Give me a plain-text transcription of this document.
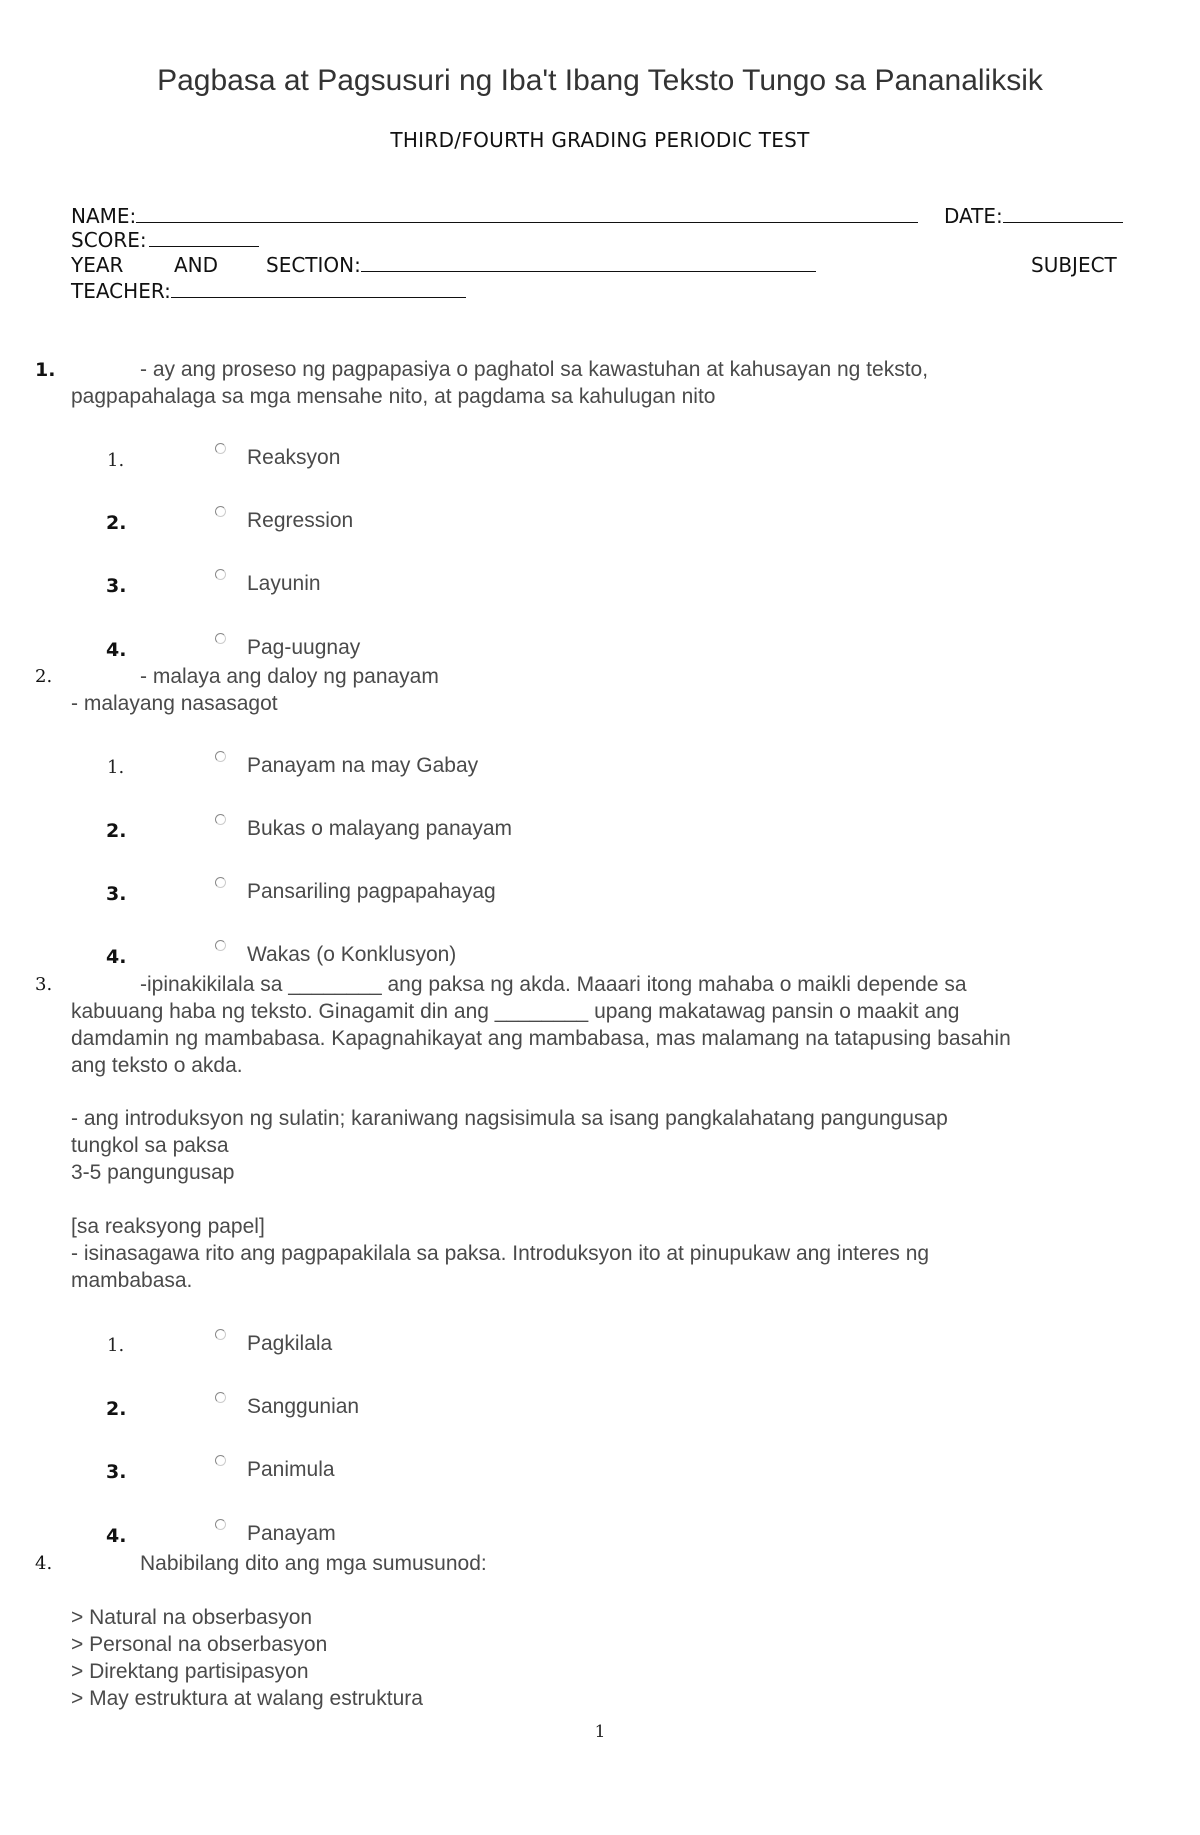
Pagbasa at Pagsusuri ng Iba't Ibang Teksto Tungo sa Pananaliksik
THIRD/FOURTH GRADING PERIODIC TEST
NAME:	DATE:
SCORE:
YEAR	AND SECTION:	SUBJECT
TEACHER:
1.	- ay ang proseso ng pagpapasiya o paghatol sa kawastuhan at kahusayan ng teksto,
pagpapahalaga sa mga mensahe nito, at pagdama sa kahulugan nito
1.	Reaksyon
2.	Regression
3.	Layunin
4.	Pag-uugnay
2.	- malaya ang daloy ng panayam
- malayang nasasagot
1.	Panayam na may Gabay
2.	Bukas o malayang panayam
3.	Pansariling pagpapahayag
4.	Wakas (o Konklusyon)
3.	-ipinakikilala sa ________ ang paksa ng akda. Maaari itong mahaba o maikli depende sa
kabuuang haba ng teksto. Ginagamit din ang ________ upang makatawag pansin o maakit ang
damdamin ng mambabasa. Kapagnahikayat ang mambabasa, mas malamang na tatapusing basahin
ang teksto o akda.
- ang introduksyon ng sulatin; karaniwang nagsisimula sa isang pangkalahatang pangungusap
tungkol sa paksa
3-5 pangungusap
[sa reaksyong papel]
- isinasagawa rito ang pagpapakilala sa paksa. Introduksyon ito at pinupukaw ang interes ng
mambabasa.
1.	Pagkilala
2.	Sanggunian
3.	Panimula
4.	Panayam
4.	Nabibilang dito ang mga sumusunod:
> Natural na obserbasyon
> Personal na obserbasyon
> Direktang partisipasyon
> May estruktura at walang estruktura
1
